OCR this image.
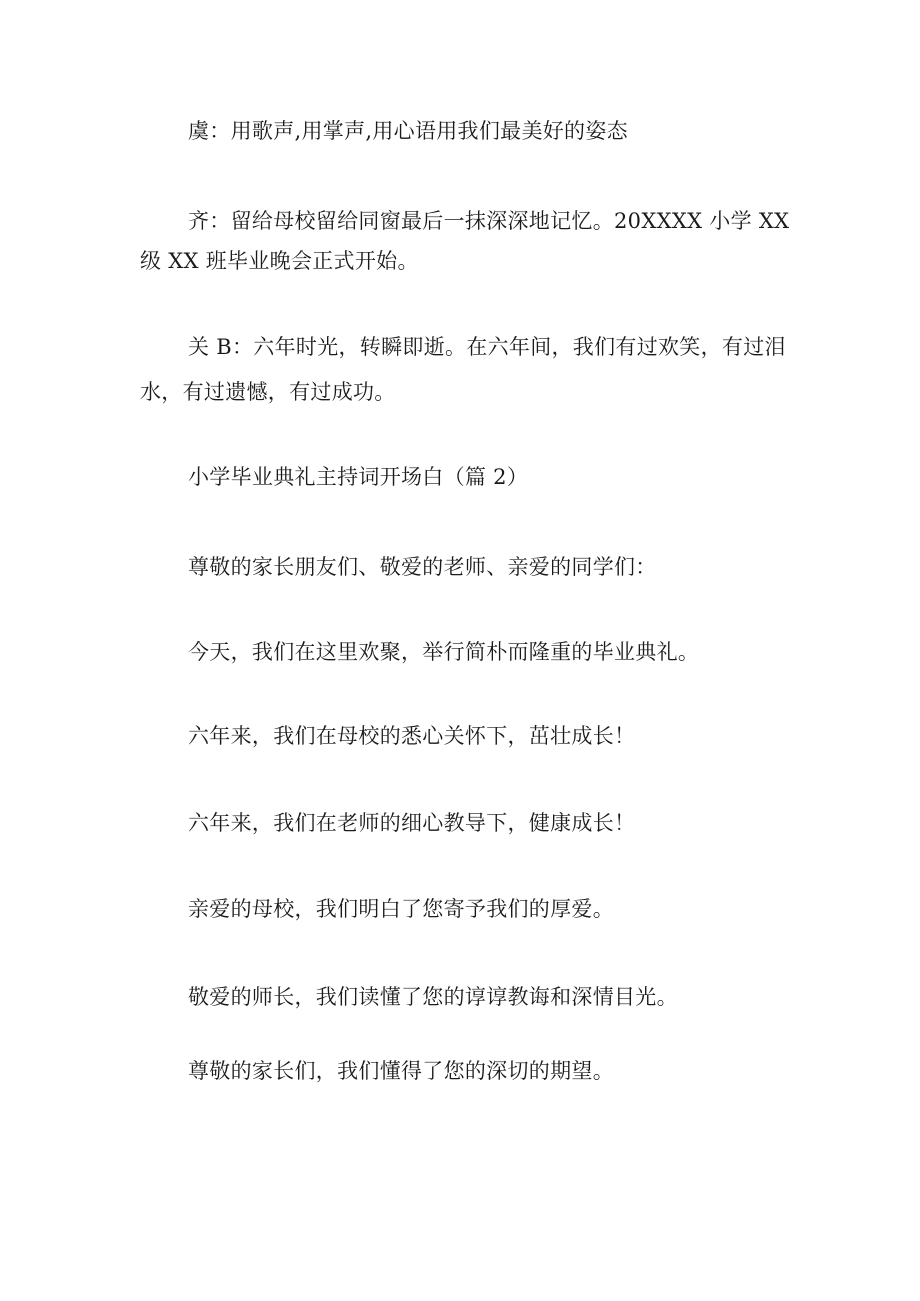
虞：用歌声,用掌声,用心语用我们最美好的姿态
齐：留给母校留给同窗最后一抹深深地记忆。20XXXX 小学 XX
级 XX 班毕业晚会正式开始。
关 B：六年时光，转瞬即逝。在六年间，我们有过欢笑，有过泪
水，有过遗憾，有过成功。
小学毕业典礼主持词开场白（篇 2）
尊敬的家长朋友们、敬爱的老师、亲爱的同学们：
今天，我们在这里欢聚，举行简朴而隆重的毕业典礼。
六年来，我们在母校的悉心关怀下，茁壮成长！
六年来，我们在老师的细心教导下，健康成长！
亲爱的母校，我们明白了您寄予我们的厚爱。
敬爱的师长，我们读懂了您的谆谆教诲和深情目光。
尊敬的家长们，我们懂得了您的深切的期望。
